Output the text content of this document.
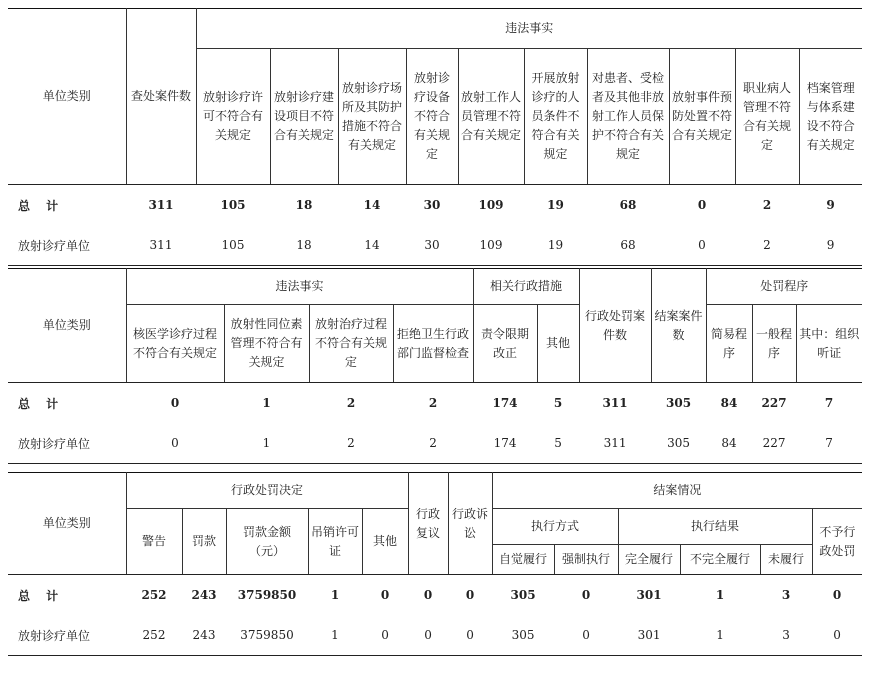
单位类别	查处案件数	违法事实									
		放射诊疗许可不符合有关规定	放射诊疗建设项目不符合有关规定	放射诊疗场所及其防护措施不符合有关规定	放射诊疗设备不符合有关规定	放射工作人员管理不符合有关规定	开展放射诊疗的人员条件不符合有关规定	对患者、受检者及其他非放射工作人员保护不符合有关规定	放射事件预防处置不符合有关规定	职业病人管理不符合有关规定	档案管理与体系建设不符合有关规定
总 计	311	105	18	14	30	109	19	68	0	2	9
放射诊疗单位	311	105	18	14	30	109	19	68	0	2	9
单位类别	违法事实				相关行政措施		行政处罚案件数	结案案件数	处罚程序		
	核医学诊疗过程不符合有关规定	放射性同位素管理不符合有关规定	放射治疗过程不符合有关规定	拒绝卫生行政部门监督检查	责令限期改正	其他			简易程序	一般程序	其中：组织听证
总 计	0	1	2	2	174	5	311	305	84	227	7
放射诊疗单位	0	1	2	2	174	5	311	305	84	227	7
单位类别	行政处罚决定					行政复议	行政诉讼	结案情况					
	警告	罚款	罚款金额（元）	吊销许可证	其他			执行方式		执行结果			不予行政处罚
								自觉履行	强制执行	完全履行	不完全履行	未履行	
总 计	252	243	3759850	1	0	0	0	305	0	301	1	3	0
放射诊疗单位	252	243	3759850	1	0	0	0	305	0	301	1	3	0
